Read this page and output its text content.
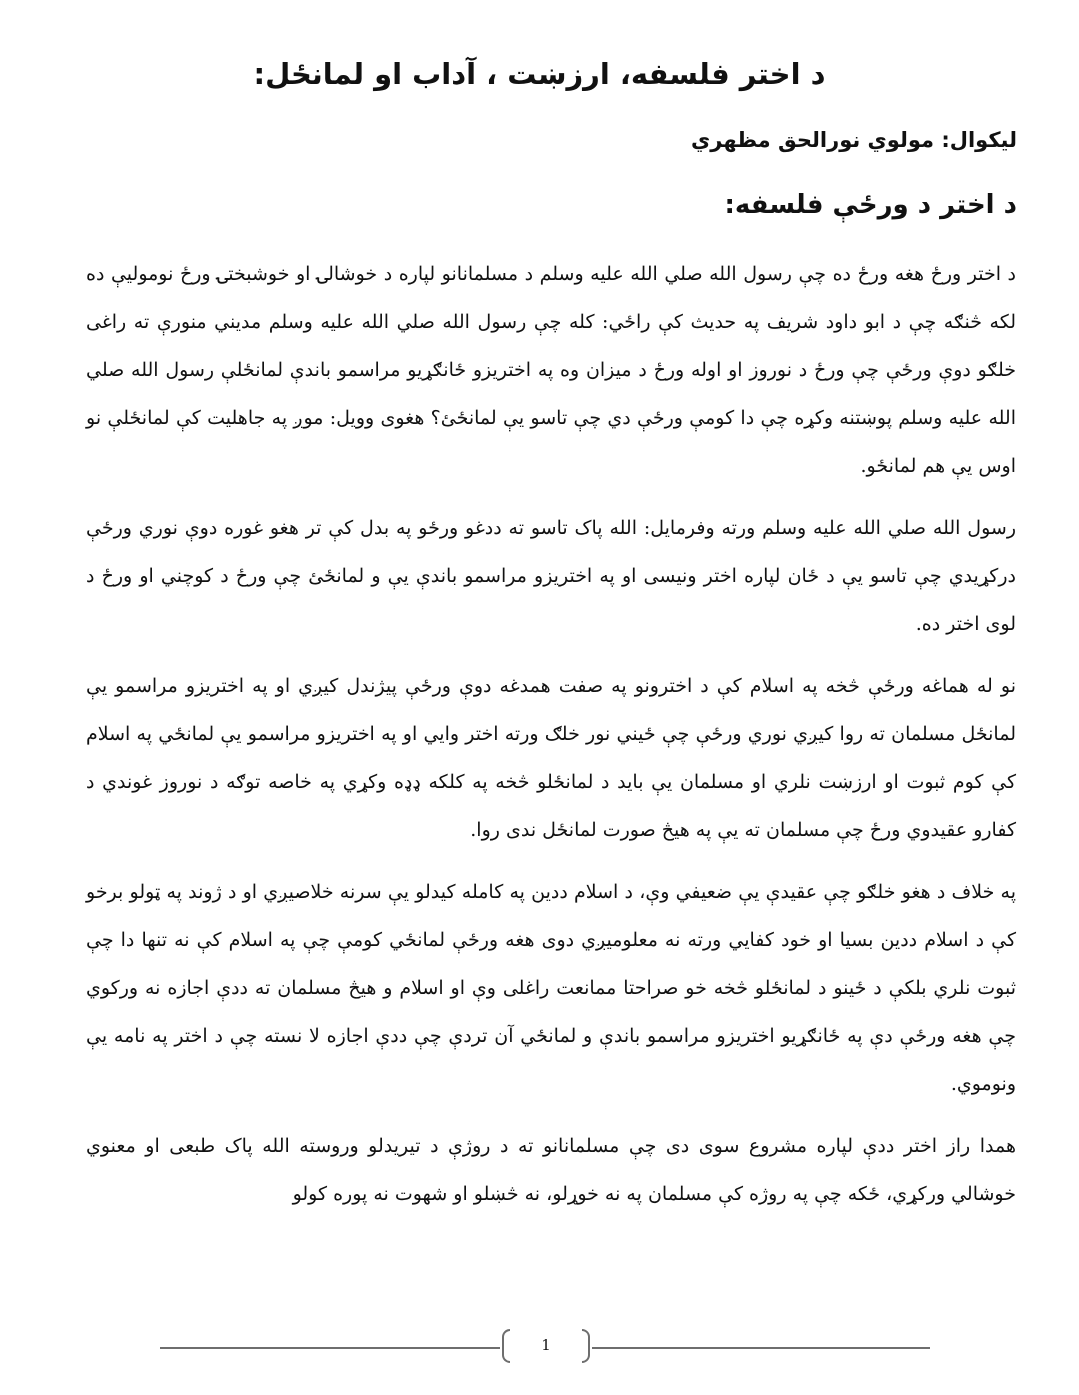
د اختر فلسفه، ارزښت ، آداب او لمانځل:
ليکوال: مولوي نورالحق مظهري
د اختر د ورځې فلسفه:

د اختر ورځ هغه ورځ ده چې رسول الله صلي الله عليه وسلم د مسلمانانو لپاره د خوشالۍ او خوشبختۍ ورځ نوموليې ده لکه څنګه چې د ابو داود شريف په حديث کې راځي: کله چې رسول الله صلي الله عليه وسلم مديني منورې ته راغی خلګو دوې ورځې چې ورځ د نوروز او اوله ورځ د ميزان وه په اختريزو ځانګړيو مراسمو باندې لمانځلې رسول الله صلي الله عليه وسلم پوښتنه وکړه چې دا کومې ورځې دي چې تاسو يې لمانځئ؟ هغوی وويل: موږ په جاهليت کې لمانځلې نو اوس يې هم لمانځو.

رسول الله صلي الله عليه وسلم ورته وفرمايل: الله پاک تاسو ته ددغو ورځو په بدل کې تر هغو غوره دوې نوري ورځې درکړيدي چې تاسو يې د ځان لپاره اختر ونيسی او په اختريزو مراسمو باندې يې و لمانځئ چې ورځ د کوچني او ورځ د لوی اختر ده.

نو له هماغه ورځې څخه په اسلام کې د اخترونو په صفت همدغه دوې ورځې پيژندل کيږي او په اختريزو مراسمو يې لمانځل مسلمان ته روا کيږي نوري ورځې چې ځيني نور خلګ ورته اختر وايي او په اختريزو مراسمو يې لمانځي په اسلام کې کوم ثبوت او ارزښت نلري او مسلمان يې بايد د لمانځلو څخه په کلکه ډډه وکړي په خاصه توګه د نوروز غوندي د کفارو عقيدوي ورځ چې مسلمان ته يې په هيڅ صورت لمانځل ندی روا.

په خلاف د هغو خلګو چې عقيدې يې ضعيفي وې، د اسلام ددين په کامله کيدلو يې سرنه خلاصيږي او د ژوند په ټولو برخو کې د اسلام ددين بسيا او خود کفايي ورته نه معلوميږي دوی هغه ورځې لمانځي کومې چې په اسلام کې نه تنها دا چې ثبوت نلري بلکې د ځينو د لمانځلو څخه خو صراحتا ممانعت راغلی وې او اسلام و هيڅ مسلمان ته ددې اجازه نه ورکوي چې هغه ورځې دې په ځانګړيو اختريزو مراسمو باندې و لمانځي آن تردې چې ددې اجازه لا نسته چې د اختر په نامه يې ونوموي.

همدا راز اختر ددې لپاره مشروع سوی دی چې مسلمانانو ته د روژې د تيريدلو وروسته الله پاک طبعی او معنوي خوشالي ورکړي، ځکه چې په روژه کې مسلمان په نه خوړلو، نه څښلو او شهوت نه پوره کولو

1
